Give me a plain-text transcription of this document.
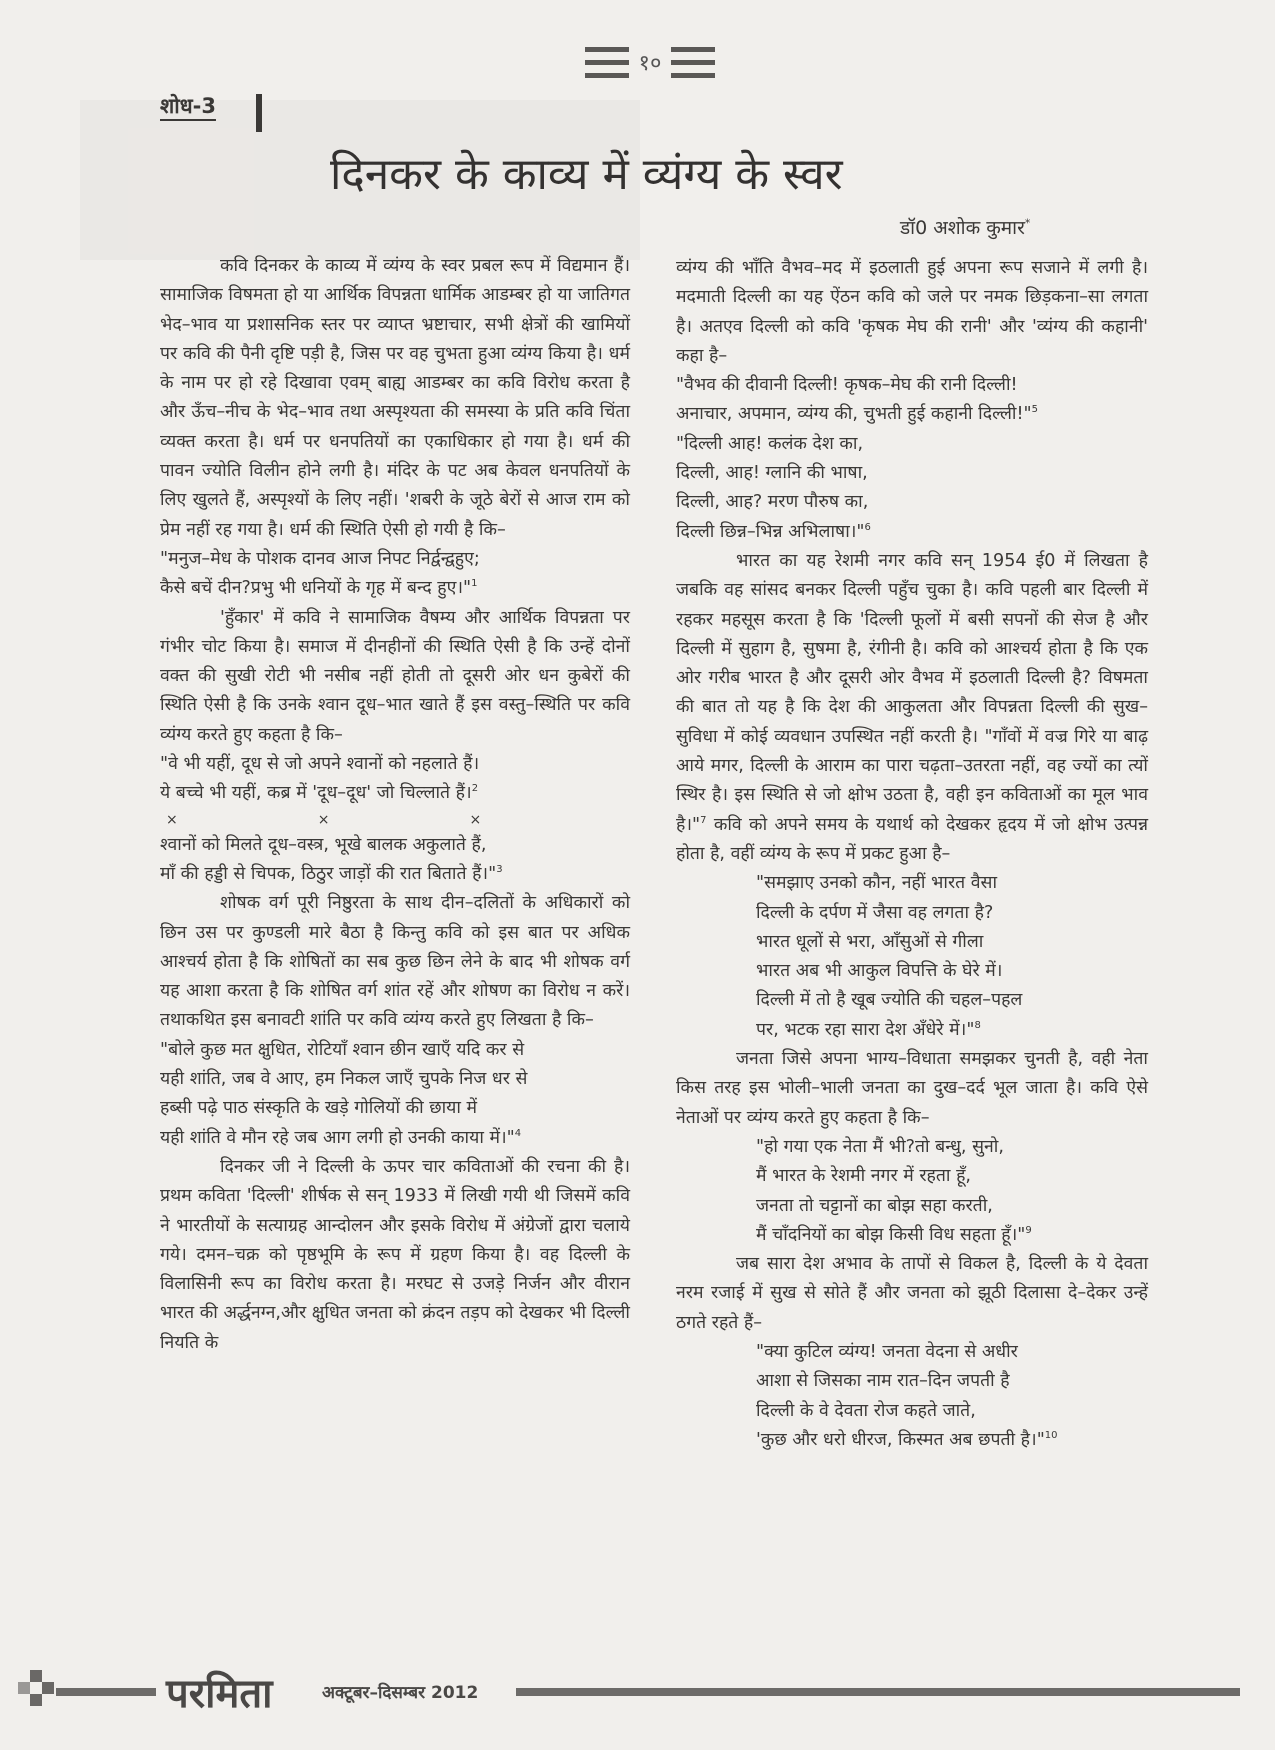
१०
शोध-3
दिनकर के काव्य में व्यंग्य के स्वर
डॉ0 अशोक कुमार*

कवि दिनकर के काव्य में व्यंग्य के स्वर प्रबल रूप में विद्यमान हैं। सामाजिक विषमता हो या आर्थिक विपन्नता धार्मिक आडम्बर हो या जातिगत भेद–भाव या प्रशासनिक स्तर पर व्याप्त भ्रष्टाचार, सभी क्षेत्रों की खामियों पर कवि की पैनी दृष्टि पड़ी है, जिस पर वह चुभता हुआ व्यंग्य किया है। धर्म के नाम पर हो रहे दिखावा एवम् बाह्य आडम्बर का कवि विरोध करता है और ऊँच–नीच के भेद–भाव तथा अस्पृश्यता की समस्या के प्रति कवि चिंता व्यक्त करता है। धर्म पर धनपतियों का एकाधिकार हो गया है। धर्म की पावन ज्योति विलीन होने लगी है। मंदिर के पट अब केवल धनपतियों के लिए खुलते हैं, अस्पृश्यों के लिए नहीं। 'शबरी के जूठे बेरों से आज राम को प्रेम नहीं रह गया है। धर्म की स्थिति ऐसी हो गयी है कि–

"मनुज–मेध के पोशक दानव आज निपट निर्द्वन्द्वहुए;

कैसे बचें दीन?प्रभु भी धनियों के गृह में बन्द हुए।"$^1$

'हुँकार' में कवि ने सामाजिक वैषम्य और आर्थिक विपन्नता पर गंभीर चोट किया है। समाज में दीनहीनों की स्थिति ऐसी है कि उन्हें दोनों वक्त की सुखी रोटी भी नसीब नहीं होती तो दूसरी ओर धन कुबेरों की स्थिति ऐसी है कि उनके श्वान दूध–भात खाते हैं इस वस्तु–स्थिति पर कवि व्यंग्य करते हुए कहता है कि–

"वे भी यहीं, दूध से जो अपने श्वानों को नहलाते हैं।

ये बच्चे भी यहीं, कब्र में 'दूध–दूध' जो चिल्लाते हैं।$^2$

×	×	×

श्वानों को मिलते दूध–वस्त्र, भूखे बालक अकुलाते हैं,

माँ की हड्डी से चिपक, ठिठुर जाड़ों की रात बिताते हैं।"$^3$

शोषक वर्ग पूरी निष्ठुरता के साथ दीन–दलितों के अधिकारों को छिन उस पर कुण्डली मारे बैठा है किन्तु कवि को इस बात पर अधिक आश्चर्य होता है कि शोषितों का सब कुछ छिन लेने के बाद भी शोषक वर्ग यह आशा करता है कि शोषित वर्ग शांत रहें और शोषण का विरोध न करें। तथाकथित इस बनावटी शांति पर कवि व्यंग्य करते हुए लिखता है कि–

"बोले कुछ मत क्षुधित, रोटियाँ श्वान छीन खाएँ यदि कर से

यही शांति, जब वे आए, हम निकल जाएँ चुपके निज धर से

हब्सी पढ़े पाठ संस्कृति के खड़े गोलियों की छाया में

यही शांति वे मौन रहे जब आग लगी हो उनकी काया में।"$^4$

दिनकर जी ने दिल्ली के ऊपर चार कविताओं की रचना की है। प्रथम कविता 'दिल्ली' शीर्षक से सन् 1933 में लिखी गयी थी जिसमें कवि ने भारतीयों के सत्याग्रह आन्दोलन और इसके विरोध में अंग्रेजों द्वारा चलाये गये। दमन–चक्र को पृष्ठभूमि के रूप में ग्रहण किया है। वह दिल्ली के विलासिनी रूप का विरोध करता है। मरघट से उजड़े निर्जन और वीरान भारत की अर्द्धनग्न,और क्षुधित जनता को क्रंदन तड़प को देखकर भी दिल्ली नियति के

व्यंग्य की भाँति वैभव–मद में इठलाती हुई अपना रूप सजाने में लगी है। मदमाती दिल्ली का यह ऐंठन कवि को जले पर नमक छिड़कना–सा लगता है। अतएव दिल्ली को कवि 'कृषक मेघ की रानी' और 'व्यंग्य की कहानी' कहा है–

"वैभव की दीवानी दिल्ली! कृषक–मेघ की रानी दिल्ली!

अनाचार, अपमान, व्यंग्य की, चुभती हुई कहानी दिल्ली!"$^5$

"दिल्ली आह! कलंक देश का,

दिल्ली, आह! ग्लानि की भाषा,

दिल्ली, आह? मरण पौरुष का,

दिल्ली छिन्न–भिन्न अभिलाषा।"$^6$

भारत का यह रेशमी नगर कवि सन् 1954 ई0 में लिखता है जबकि वह सांसद बनकर दिल्ली पहुँच चुका है। कवि पहली बार दिल्ली में रहकर महसूस करता है कि 'दिल्ली फूलों में बसी सपनों की सेज है और दिल्ली में सुहाग है, सुषमा है, रंगीनी है। कवि को आश्चर्य होता है कि एक ओर गरीब भारत है और दूसरी ओर वैभव में इठलाती दिल्ली है? विषमता की बात तो यह है कि देश की आकुलता और विपन्नता दिल्ली की सुख–सुविधा में कोई व्यवधान उपस्थित नहीं करती है। "गाँवों में वज्र गिरे या बाढ़ आये मगर, दिल्ली के आराम का पारा चढ़ता–उतरता नहीं, वह ज्यों का त्यों स्थिर है। इस स्थिति से जो क्षोभ उठता है, वही इन कविताओं का मूल भाव है।"$^7$ कवि को अपने समय के यथार्थ को देखकर हृदय में जो क्षोभ उत्पन्न होता है, वहीं व्यंग्य के रूप में प्रकट हुआ है–

"समझाए उनको कौन, नहीं भारत वैसा

दिल्ली के दर्पण में जैसा वह लगता है?

भारत धूलों से भरा, आँसुओं से गीला

भारत अब भी आकुल विपत्ति के घेरे में।

दिल्ली में तो है खूब ज्योति की चहल–पहल

पर, भटक रहा सारा देश अँधेरे में।"$^8$

जनता जिसे अपना भाग्य–विधाता समझकर चुनती है, वही नेता किस तरह इस भोली–भाली जनता का दुख–दर्द भूल जाता है। कवि ऐसे नेताओं पर व्यंग्य करते हुए कहता है कि–

"हो गया एक नेता मैं भी?तो बन्धु, सुनो,

मैं भारत के रेशमी नगर में रहता हूँ,

जनता तो चट्टानों का बोझ सहा करती,

मैं चाँदनियों का बोझ किसी विध सहता हूँ।"$^9$

जब सारा देश अभाव के तापों से विकल है, दिल्ली के ये देवता नरम रजाई में सुख से सोते हैं और जनता को झूठी दिलासा दे–देकर उन्हें ठगते रहते हैं–

"क्या कुटिल व्यंग्य! जनता वेदना से अधीर

आशा से जिसका नाम रात–दिन जपती है

दिल्ली के वे देवता रोज कहते जाते,

'कुछ और धरो धीरज, किस्मत अब छपती है।"$^{10}$

परमिता	अक्टूबर–दिसम्बर 2012
